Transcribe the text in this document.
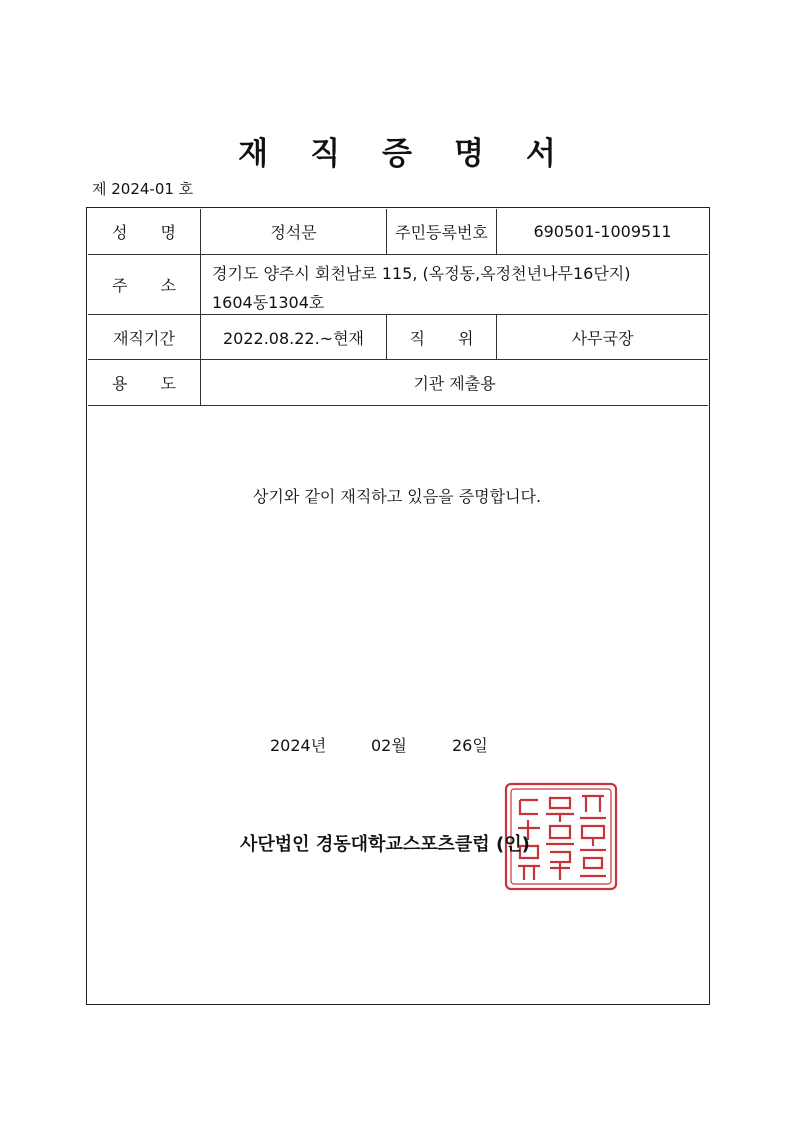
재 직 증 명 서
제 2024-01 호
성 명	정석문	주민등록번호	690501-1009511
주 소
경기도 양주시 회천남로 115, (옥정동,옥정천년나무16단지)
1604동1304호
재직기간	2022.08.22.~현재	직 위	사무국장
용 도	기관 제출용
상기와 같이 재직하고 있음을 증명합니다.
2024년	02월	26일
사단법인 경동대학교스포츠클럽 (인)
